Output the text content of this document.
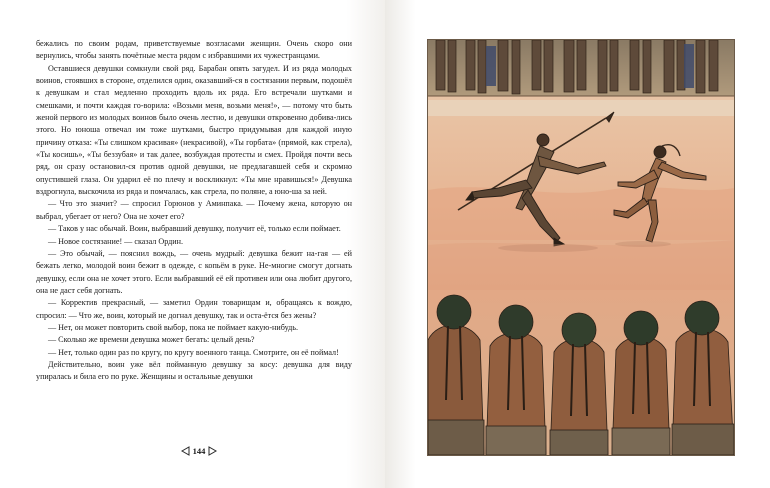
бежались по своим родам, приветствуемые возгласами женщин. Очень скоро они вернулись, чтобы занять почётные места рядом с избравшими их чужестранцами.

Оставшиеся девушки сомкнули свой ряд. Барабан опять загудел. И из ряда молодых воинов, стоявших в стороне, отделился один, оказавший-ся в состязании первым, подошёл к девушкам и стал медленно проходить вдоль их ряда. Его встречали шутками и смешками, и почти каждая го-ворила: «Возьми меня, возьми меня!», — потому что быть женой первого из молодых воинов было очень лестно, и девушки откровенно добива-лись этого. Но юноша отвечал им тоже шутками, быстро придумывая для каждой иную причину отказа: «Ты слишком красивая» (некрасивой), «Ты горбата» (прямой, как стрела), «Ты косишь», «Ты беззубая» и так далее, возбуждая протесты и смех. Пройдя почти весь ряд, он сразу остановил-ся против одной девушки, не предлагавшей себя и скромно опустившей глаза. Он ударил её по плечу и воскликнул: «Ты мне нравишься!» Девушка вздрогнула, выскочила из ряда и помчалась, как стрела, по поляне, а юно-ша за ней.

— Что это значит? — спросил Горюнов у Аминпака. — Почему жена, которую он выбрал, убегает от него? Она не хочет его?

— Таков у нас обычай. Воин, выбравший девушку, получит её, только если поймает.

— Новое состязание! — сказал Ордин.

— Это обычай, — пояснил вождь, — очень мудрый: девушка бежит на-гая — ей бежать легко, молодой воин бежит в одежде, с копьём в руке. Не-многие смогут догнать девушку, если она не хочет этого. Если выбравший её ей противен или она любит другого, она не даст себя догнать.

— Корректив прекрасный, — заметил Ордин товарищам и, обращаясь к вождю, спросил: — Что же, воин, который не догнал девушку, так и оста-ётся без жены?

— Нет, он может повторить свой выбор, пока не поймает какую-нибудь.

— Сколько же времени девушка может бегать: целый день?

— Нет, только один раз по кругу, по кругу военного танца. Смотрите, он её поймал!

Действительно, воин уже вёл пойманную девушку за косу: девушка для виду упиралась и била его по руке. Женщины и остальные девушки

144
